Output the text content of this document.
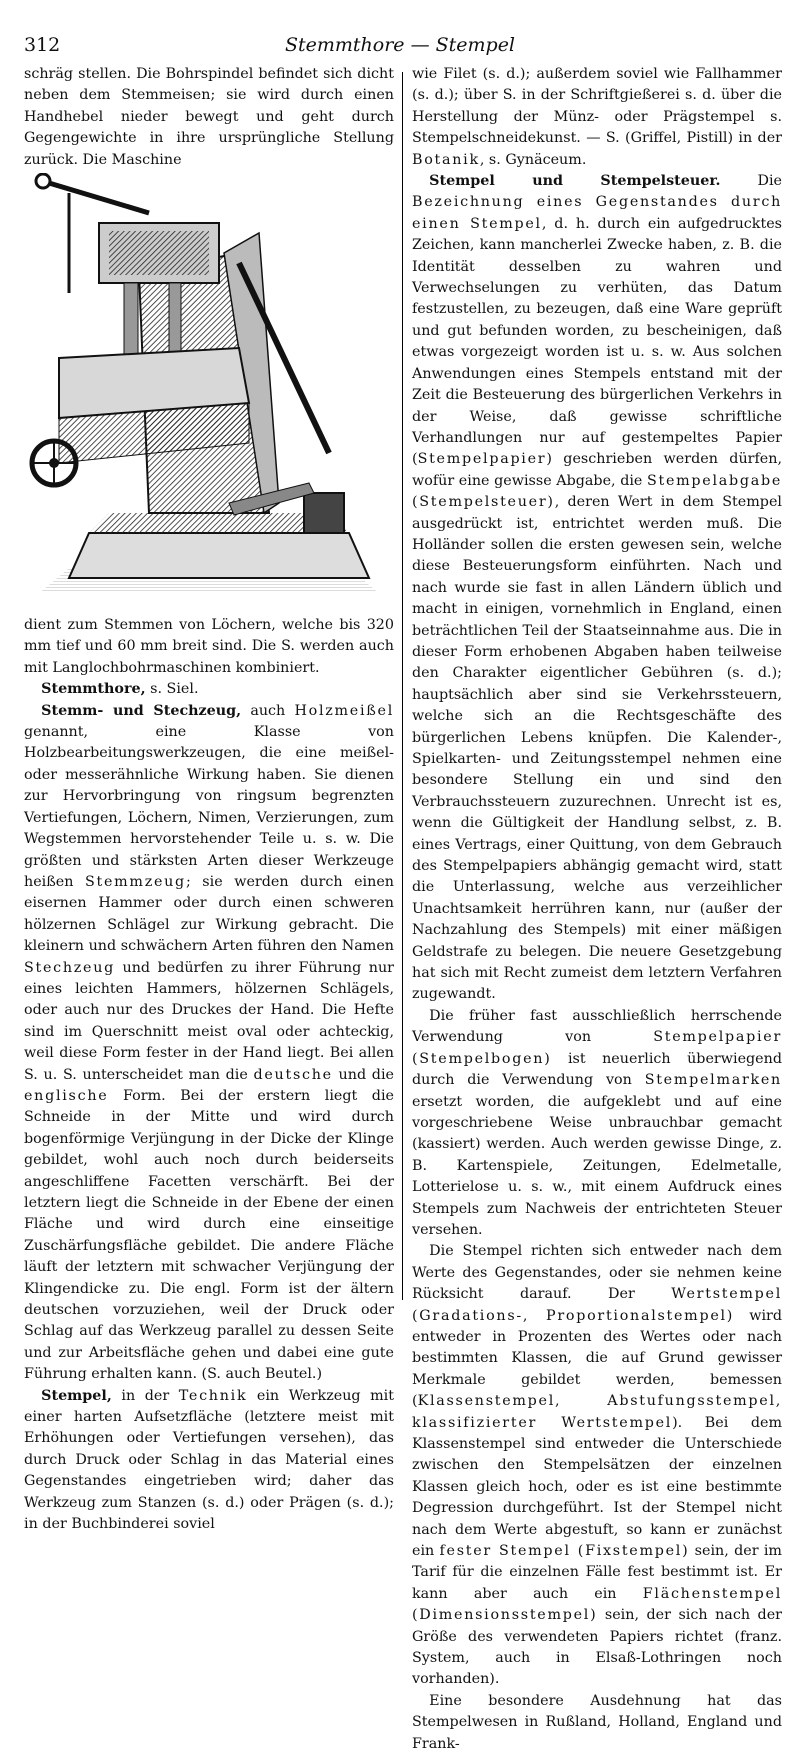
312	Stemmthore — Stempel

schräg stellen. Die Bohrspindel befindet sich dicht neben dem Stemmeisen; sie wird durch einen Handhebel nieder bewegt und geht durch Gegengewichte in ihre ursprüngliche Stellung zurück. Die Maschine

dient zum Stemmen von Löchern, welche bis 320 mm tief und 60 mm breit sind. Die S. werden auch mit Langlochbohrmaschinen kombiniert.

Stemmthore, s. Siel.

Stemm- und Stechzeug, auch Holzmeißel genannt, eine Klasse von Holzbearbeitungswerkzeugen, die eine meißel- oder messerähnliche Wirkung haben. Sie dienen zur Hervorbringung von ringsum begrenzten Vertiefungen, Löchern, Nimen, Verzierungen, zum Wegstemmen hervorstehender Teile u. s. w. Die größten und stärksten Arten dieser Werkzeuge heißen Stemmzeug; sie werden durch einen eisernen Hammer oder durch einen schweren hölzernen Schlägel zur Wirkung gebracht. Die kleinern und schwächern Arten führen den Namen Stechzeug und bedürfen zu ihrer Führung nur eines leichten Hammers, hölzernen Schlägels, oder auch nur des Druckes der Hand. Die Hefte sind im Querschnitt meist oval oder achteckig, weil diese Form fester in der Hand liegt. Bei allen S. u. S. unterscheidet man die deutsche und die englische Form. Bei der erstern liegt die Schneide in der Mitte und wird durch bogenförmige Verjüngung in der Dicke der Klinge gebildet, wohl auch noch durch beiderseits angeschliffene Facetten verschärft. Bei der letztern liegt die Schneide in der Ebene der einen Fläche und wird durch eine einseitige Zuschärfungsfläche gebildet. Die andere Fläche läuft der letztern mit schwacher Verjüngung der Klingendicke zu. Die engl. Form ist der ältern deutschen vorzuziehen, weil der Druck oder Schlag auf das Werkzeug parallel zu dessen Seite und zur Arbeitsfläche gehen und dabei eine gute Führung erhalten kann. (S. auch Beutel.)

Stempel, in der Technik ein Werkzeug mit einer harten Aufsetzfläche (letztere meist mit Erhöhungen oder Vertiefungen versehen), das durch Druck oder Schlag in das Material eines Gegenstandes eingetrieben wird; daher das Werkzeug zum Stanzen (s. d.) oder Prägen (s. d.); in der Buchbinderei soviel

wie Filet (s. d.); außerdem soviel wie Fallhammer (s. d.); über S. in der Schriftgießerei s. d. über die Herstellung der Münz- oder Prägstempel s. Stempelschneidekunst. — S. (Griffel, Pistill) in der Botanik, s. Gynäceum.

Stempel und Stempelsteuer. Die Bezeichnung eines Gegenstandes durch einen Stempel, d. h. durch ein aufgedrucktes Zeichen, kann mancherlei Zwecke haben, z. B. die Identität desselben zu wahren und Verwechselungen zu verhüten, das Datum festzustellen, zu bezeugen, daß eine Ware geprüft und gut befunden worden, zu bescheinigen, daß etwas vorgezeigt worden ist u. s. w. Aus solchen Anwendungen eines Stempels entstand mit der Zeit die Besteuerung des bürgerlichen Verkehrs in der Weise, daß gewisse schriftliche Verhandlungen nur auf gestempeltes Papier (Stempelpapier) geschrieben werden dürfen, wofür eine gewisse Abgabe, die Stempelabgabe (Stempelsteuer), deren Wert in dem Stempel ausgedrückt ist, entrichtet werden muß. Die Holländer sollen die ersten gewesen sein, welche diese Besteuerungsform einführten. Nach und nach wurde sie fast in allen Ländern üblich und macht in einigen, vornehmlich in England, einen beträchtlichen Teil der Staatseinnahme aus. Die in dieser Form erhobenen Abgaben haben teilweise den Charakter eigentlicher Gebühren (s. d.); hauptsächlich aber sind sie Verkehrssteuern, welche sich an die Rechtsgeschäfte des bürgerlichen Lebens knüpfen. Die Kalender-, Spielkarten- und Zeitungsstempel nehmen eine besondere Stellung ein und sind den Verbrauchssteuern zuzurechnen. Unrecht ist es, wenn die Gültigkeit der Handlung selbst, z. B. eines Vertrags, einer Quittung, von dem Gebrauch des Stempelpapiers abhängig gemacht wird, statt die Unterlassung, welche aus verzeihlicher Unachtsamkeit herrühren kann, nur (außer der Nachzahlung des Stempels) mit einer mäßigen Geldstrafe zu belegen. Die neuere Gesetzgebung hat sich mit Recht zumeist dem letztern Verfahren zugewandt.

Die früher fast ausschließlich herrschende Verwendung von Stempelpapier (Stempelbogen) ist neuerlich überwiegend durch die Verwendung von Stempelmarken ersetzt worden, die aufgeklebt und auf eine vorgeschriebene Weise unbrauchbar gemacht (kassiert) werden. Auch werden gewisse Dinge, z. B. Kartenspiele, Zeitungen, Edelmetalle, Lotterielose u. s. w., mit einem Aufdruck eines Stempels zum Nachweis der entrichteten Steuer versehen.

Die Stempel richten sich entweder nach dem Werte des Gegenstandes, oder sie nehmen keine Rücksicht darauf. Der Wertstempel (Gradations-, Proportionalstempel) wird entweder in Prozenten des Wertes oder nach bestimmten Klassen, die auf Grund gewisser Merkmale gebildet werden, bemessen (Klassenstempel, Abstufungsstempel, klassifizierter Wertstempel). Bei dem Klassenstempel sind entweder die Unterschiede zwischen den Stempelsätzen der einzelnen Klassen gleich hoch, oder es ist eine bestimmte Degression durchgeführt. Ist der Stempel nicht nach dem Werte abgestuft, so kann er zunächst ein fester Stempel (Fixstempel) sein, der im Tarif für die einzelnen Fälle fest bestimmt ist. Er kann aber auch ein Flächenstempel (Dimensionsstempel) sein, der sich nach der Größe des verwendeten Papiers richtet (franz. System, auch in Elsaß-Lothringen noch vorhanden).

Eine besondere Ausdehnung hat das Stempelwesen in Rußland, Holland, England und Frank-
